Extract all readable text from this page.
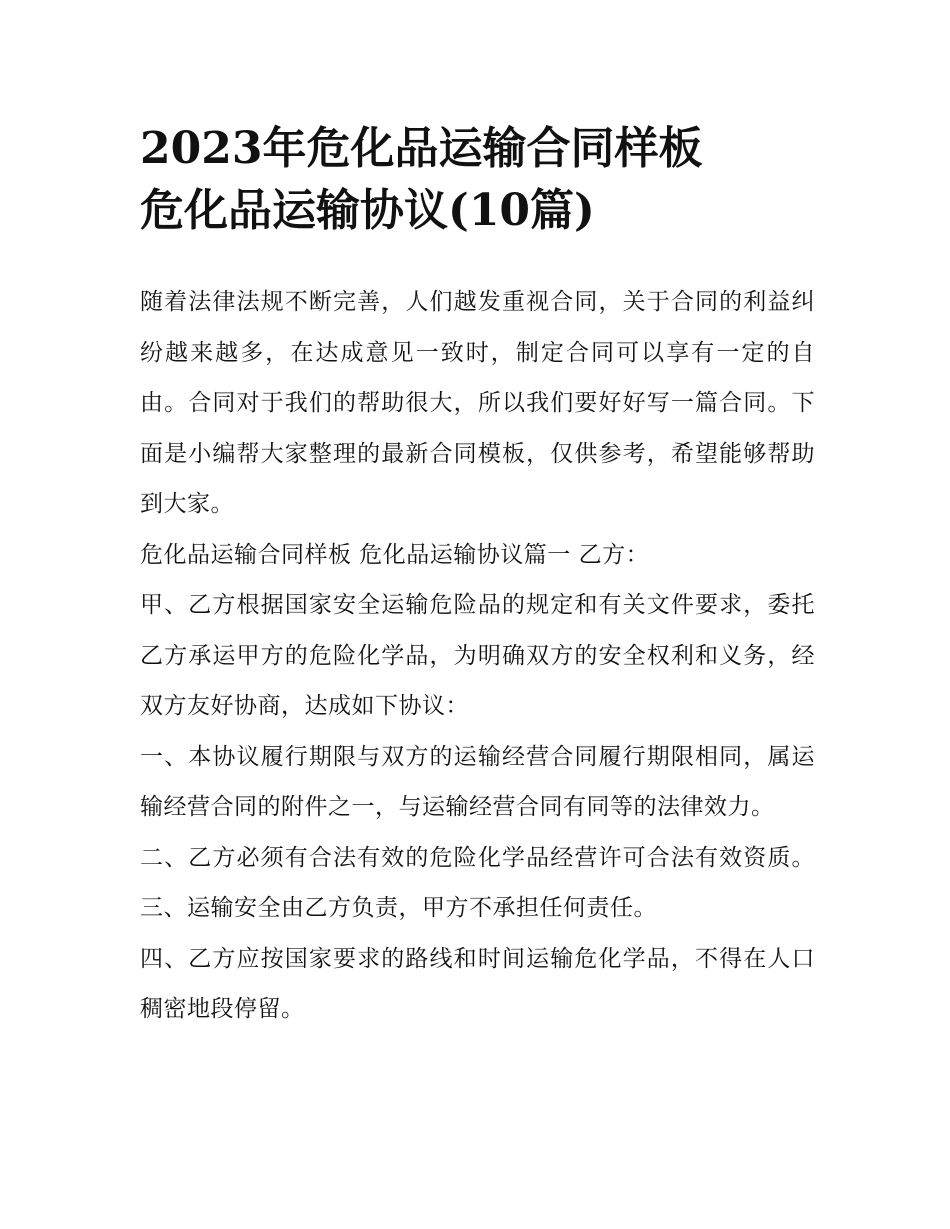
2023年危化品运输合同样板
危化品运输协议(10篇)

随着法律法规不断完善，人们越发重视合同，关于合同的利益纠纷越来越多，在达成意见一致时，制定合同可以享有一定的自由。合同对于我们的帮助很大，所以我们要好好写一篇合同。下面是小编帮大家整理的最新合同模板，仅供参考，希望能够帮助到大家。

危化品运输合同样板 危化品运输协议篇一 乙方：

甲、乙方根据国家安全运输危险品的规定和有关文件要求，委托乙方承运甲方的危险化学品，为明确双方的安全权利和义务，经双方友好协商，达成如下协议：

一、本协议履行期限与双方的运输经营合同履行期限相同，属运输经营合同的附件之一，与运输经营合同有同等的法律效力。

二、乙方必须有合法有效的危险化学品经营许可合法有效资质。 三、运输安全由乙方负责，甲方不承担任何责任。

四、乙方应按国家要求的路线和时间运输危化学品，不得在人口稠密地段停留。
